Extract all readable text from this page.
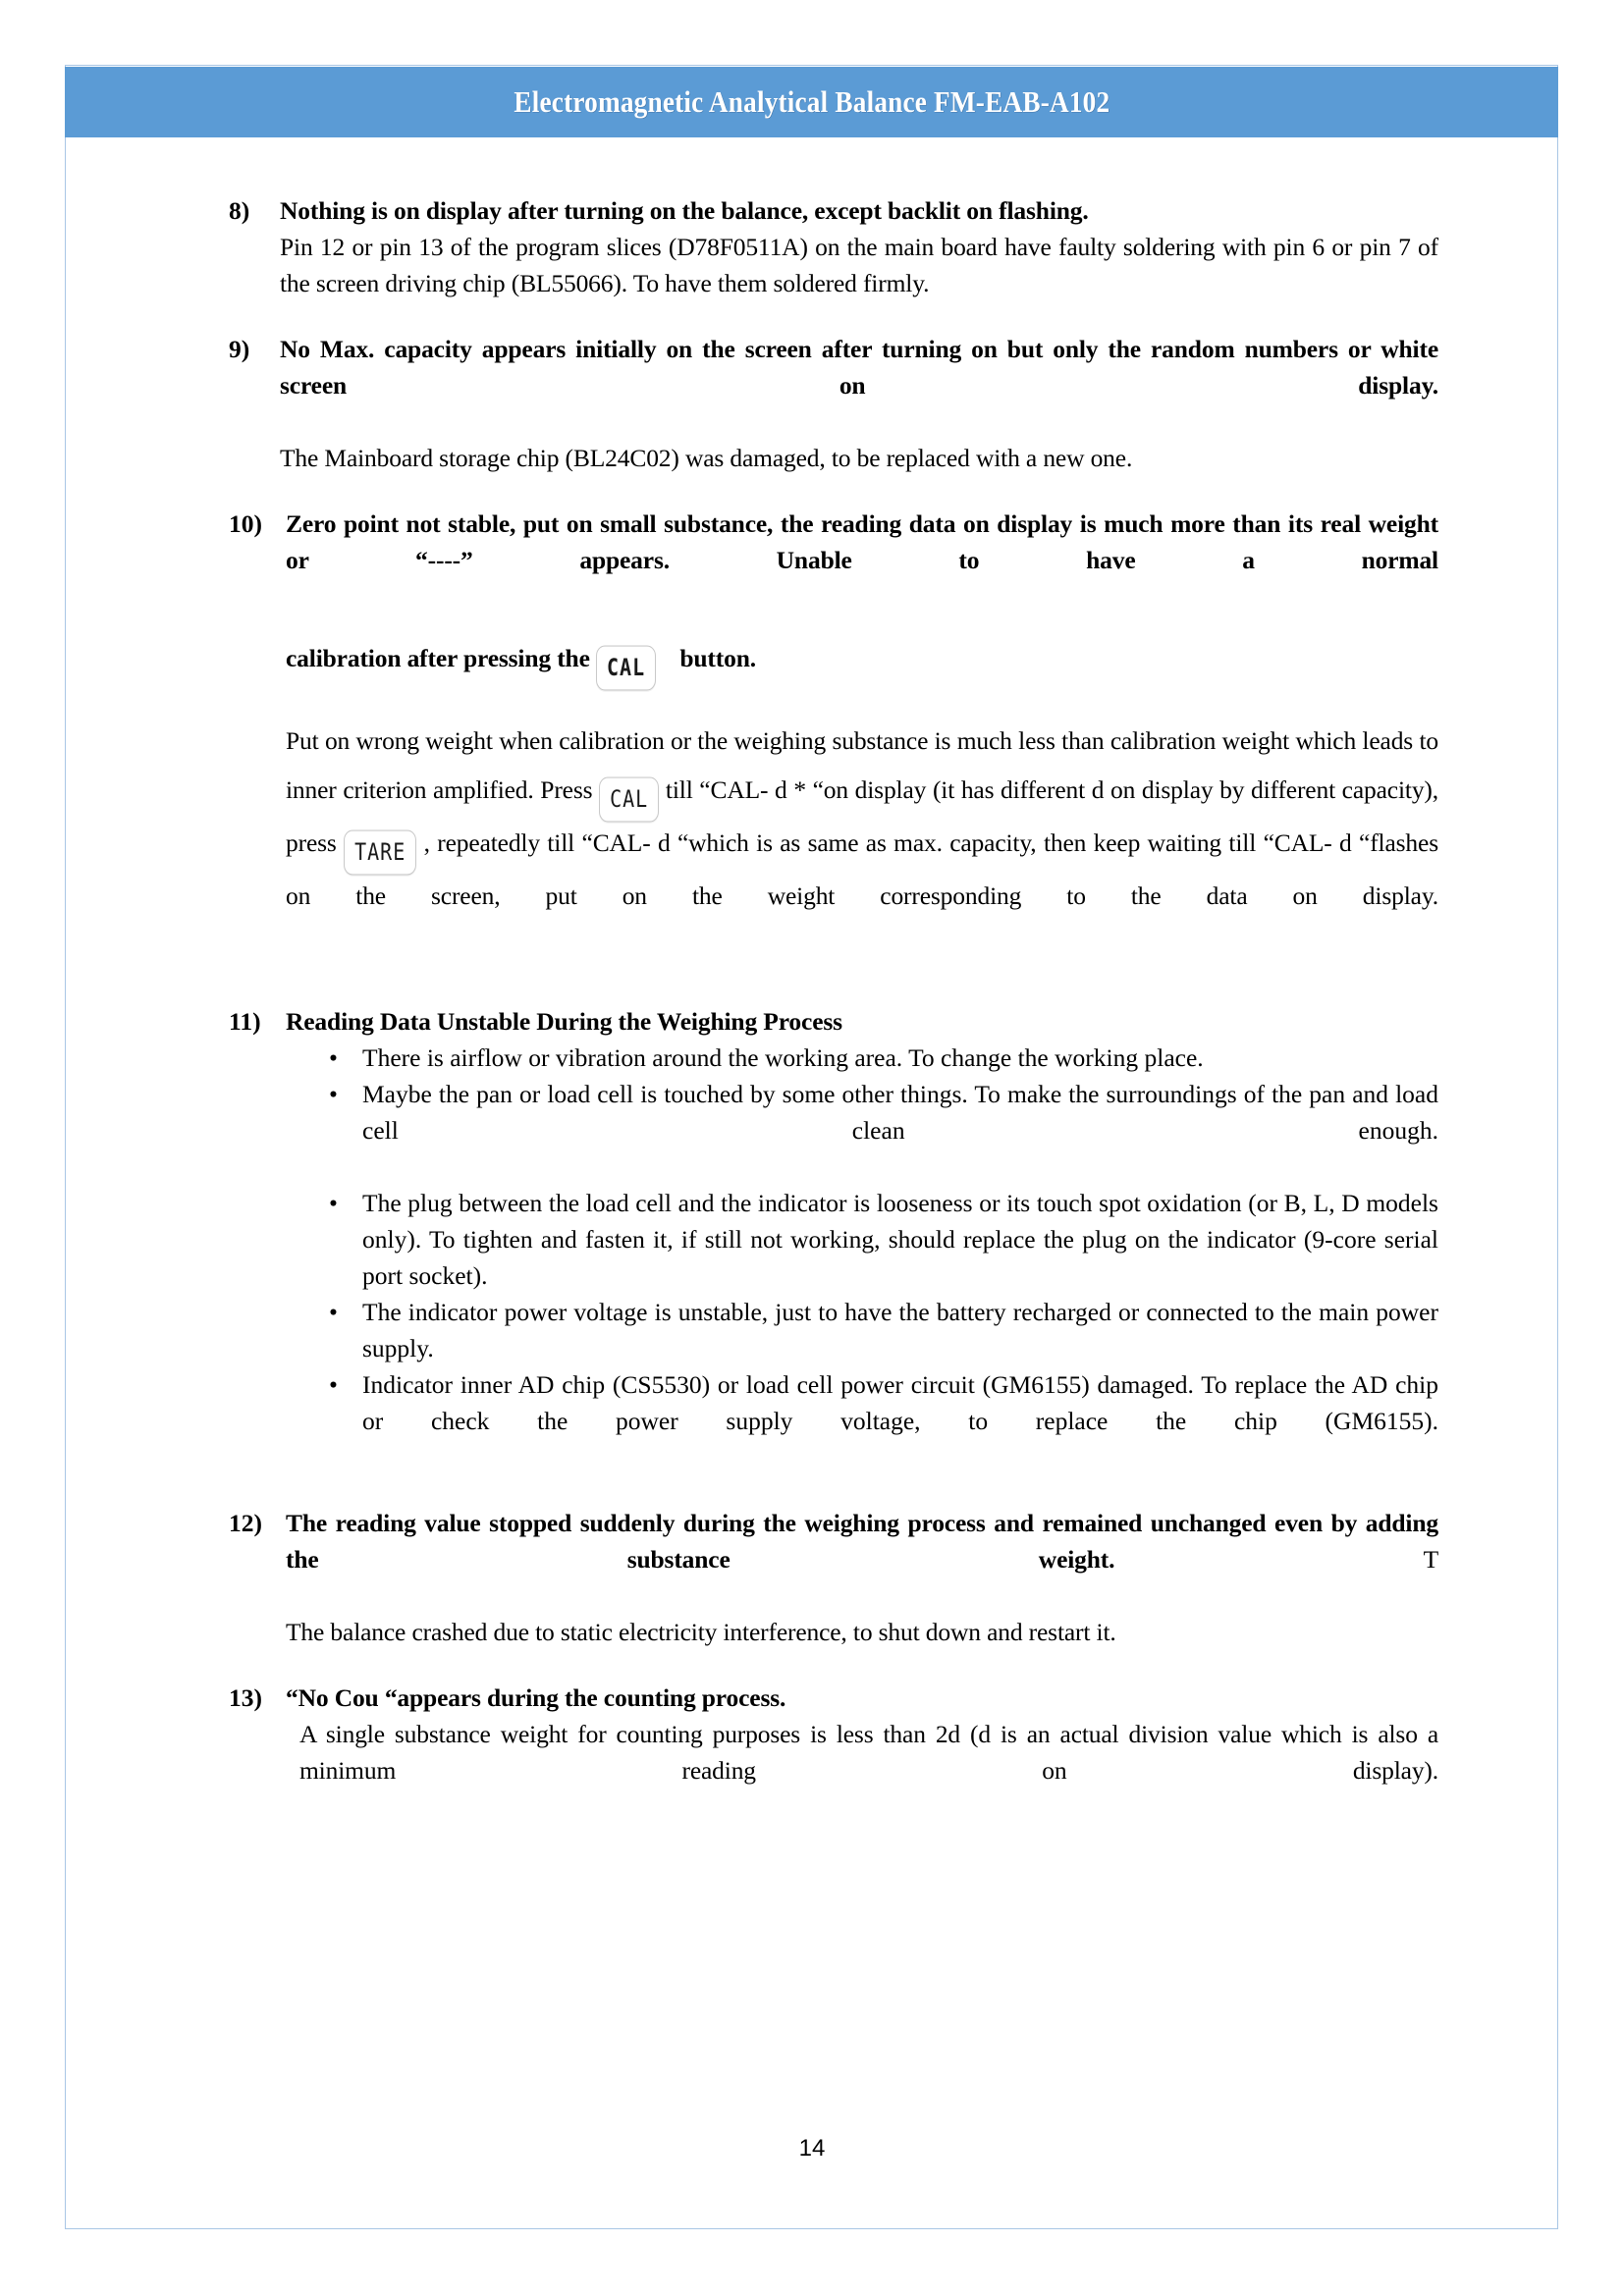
Electromagnetic Analytical Balance FM-EAB-A102
8)	Nothing is on display after turning on the balance, except backlit on flashing.
Pin 12 or pin 13 of the program slices (D78F0511A) on the main board have faulty soldering with pin 6 or pin 7 of the screen driving chip (BL55066). To have them soldered firmly.
9)	No Max. capacity appears initially on the screen after turning on but only the random numbers or white screen on display.
The Mainboard storage chip (BL24C02) was damaged, to be replaced with a new one.
10) Zero point not stable, put on small substance, the reading data on display is much more than its real weight or “----” appears. Unable to have a normal
calibration after pressing the CAL button.
Put on wrong weight when calibration or the weighing substance is much less than calibration weight which leads to inner criterion amplified. Press CAL till “CAL- d * “on display (it has different d on display by different capacity), press TARE , repeatedly till “CAL- d “which is as same as max. capacity, then keep waiting till “CAL- d “flashes on the screen, put on the weight corresponding to the data on display.
11) Reading Data Unstable During the Weighing Process
• There is airflow or vibration around the working area. To change the working place.
• Maybe the pan or load cell is touched by some other things. To make the surroundings of the pan and load cell clean enough.
• The plug between the load cell and the indicator is looseness or its touch spot oxidation (or B, L, D models only). To tighten and fasten it, if still not working, should replace the plug on the indicator (9-core serial port socket).
• The indicator power voltage is unstable, just to have the battery recharged or connected to the main power supply.
• Indicator inner AD chip (CS5530) or load cell power circuit (GM6155) damaged. To replace the AD chip or check the power supply voltage, to replace the chip (GM6155).
12) The reading value stopped suddenly during the weighing process and remained unchanged even by adding the substance weight.	T
The balance crashed due to static electricity interference, to shut down and restart it.
13) “No Cou “appears during the counting process.
A single substance weight for counting purposes is less than 2d (d is an actual division value which is also a minimum reading on display).
14
